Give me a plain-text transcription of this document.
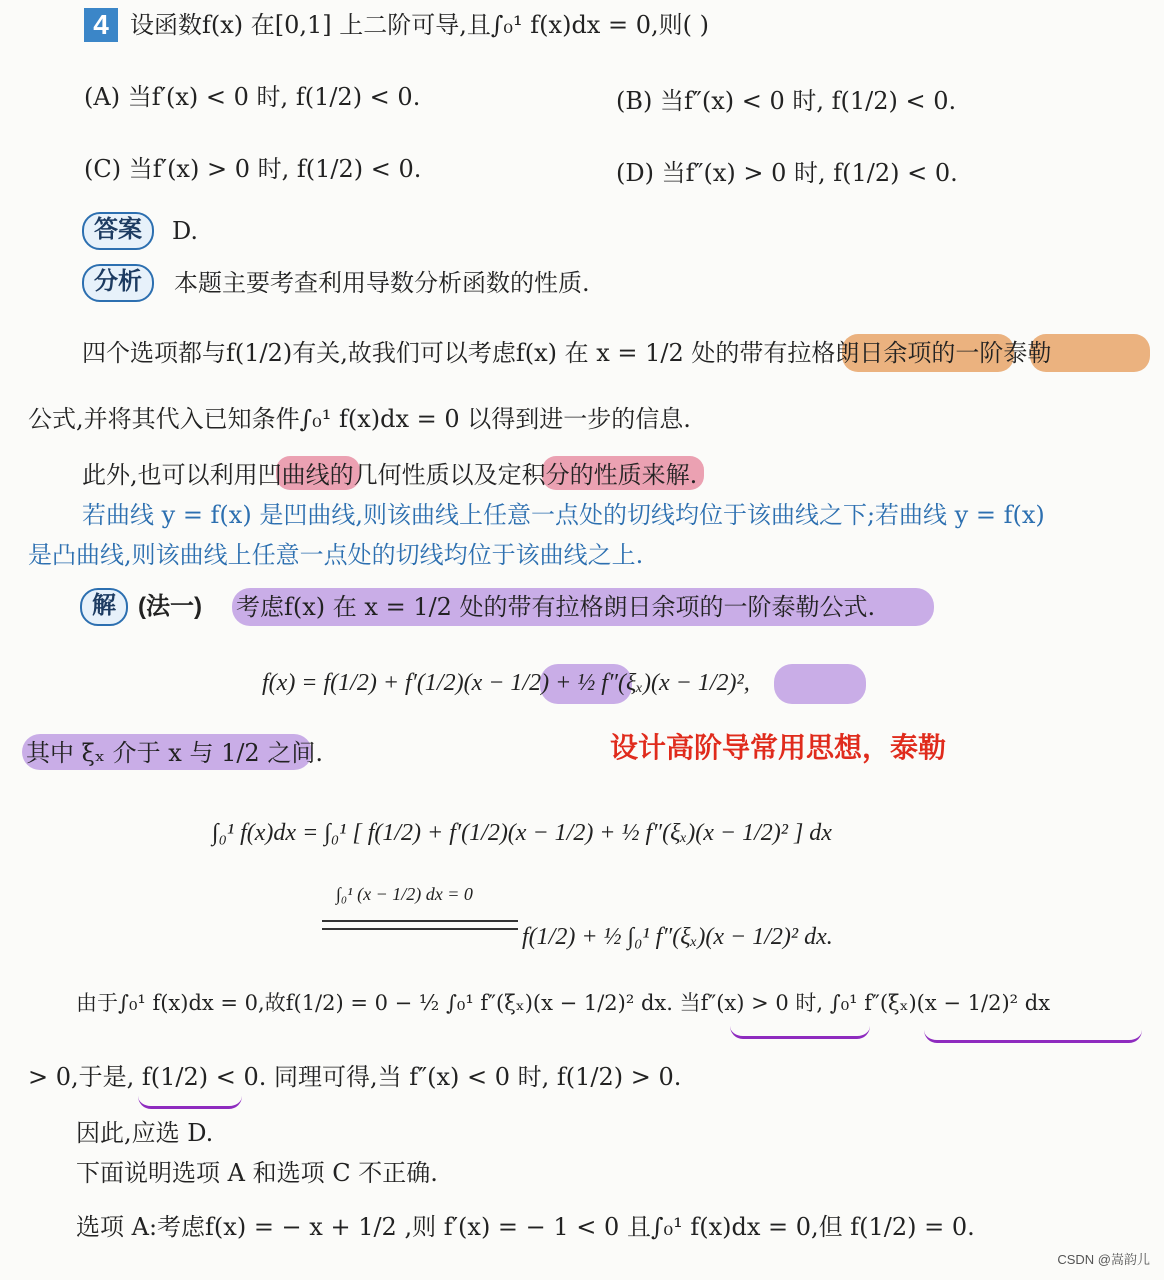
4 设函数f(x) 在[0,1] 上二阶可导,且∫₀¹ f(x)dx = 0,则( )
(A) 当f′(x) < 0 时, f(1/2) < 0.	(B) 当f″(x) < 0 时, f(1/2) < 0.
(C) 当f′(x) > 0 时, f(1/2) < 0.	(D) 当f″(x) > 0 时, f(1/2) < 0.
答案	D.
分析	本题主要考查利用导数分析函数的性质.
四个选项都与f(1/2)有关,故我们可以考虑f(x) 在 x = 1/2 处的带有拉格朗日余项的一阶泰勒
公式,并将其代入已知条件∫₀¹ f(x)dx = 0 以得到进一步的信息.
此外,也可以利用凹曲线的几何性质以及定积分的性质来解.
若曲线 y = f(x) 是凹曲线,则该曲线上任意一点处的切线均位于该曲线之下;若曲线 y = f(x)
是凸曲线,则该曲线上任意一点处的切线均位于该曲线之上.
解 (法一) 考虑f(x) 在 x = 1/2 处的带有拉格朗日余项的一阶泰勒公式.
f(x) = f(1/2) + f′(1/2)(x − 1/2) + ½ f″(ξₓ)(x − 1/2)²,
其中 ξₓ 介于 x 与 1/2 之间.	设计高阶导常用思想，泰勒
∫₀¹ f(x)dx = ∫₀¹ [ f(1/2) + f′(1/2)(x − 1/2) + ½ f″(ξₓ)(x − 1/2)² ] dx
∫₀¹ (x − 1/2) dx = 0
f(1/2) + ½ ∫₀¹ f″(ξₓ)(x − 1/2)² dx.
由于∫₀¹ f(x)dx = 0,故f(1/2) = 0 − ½ ∫₀¹ f″(ξₓ)(x − 1/2)² dx. 当f″(x) > 0 时, ∫₀¹ f″(ξₓ)(x − 1/2)² dx
> 0,于是, f(1/2) < 0. 同理可得,当 f″(x) < 0 时, f(1/2) > 0.
因此,应选 D.
下面说明选项 A 和选项 C 不正确.
选项 A:考虑f(x) = − x + 1/2 ,则 f′(x) = − 1 < 0 且∫₀¹ f(x)dx = 0,但 f(1/2) = 0.
CSDN @嵩韵儿
